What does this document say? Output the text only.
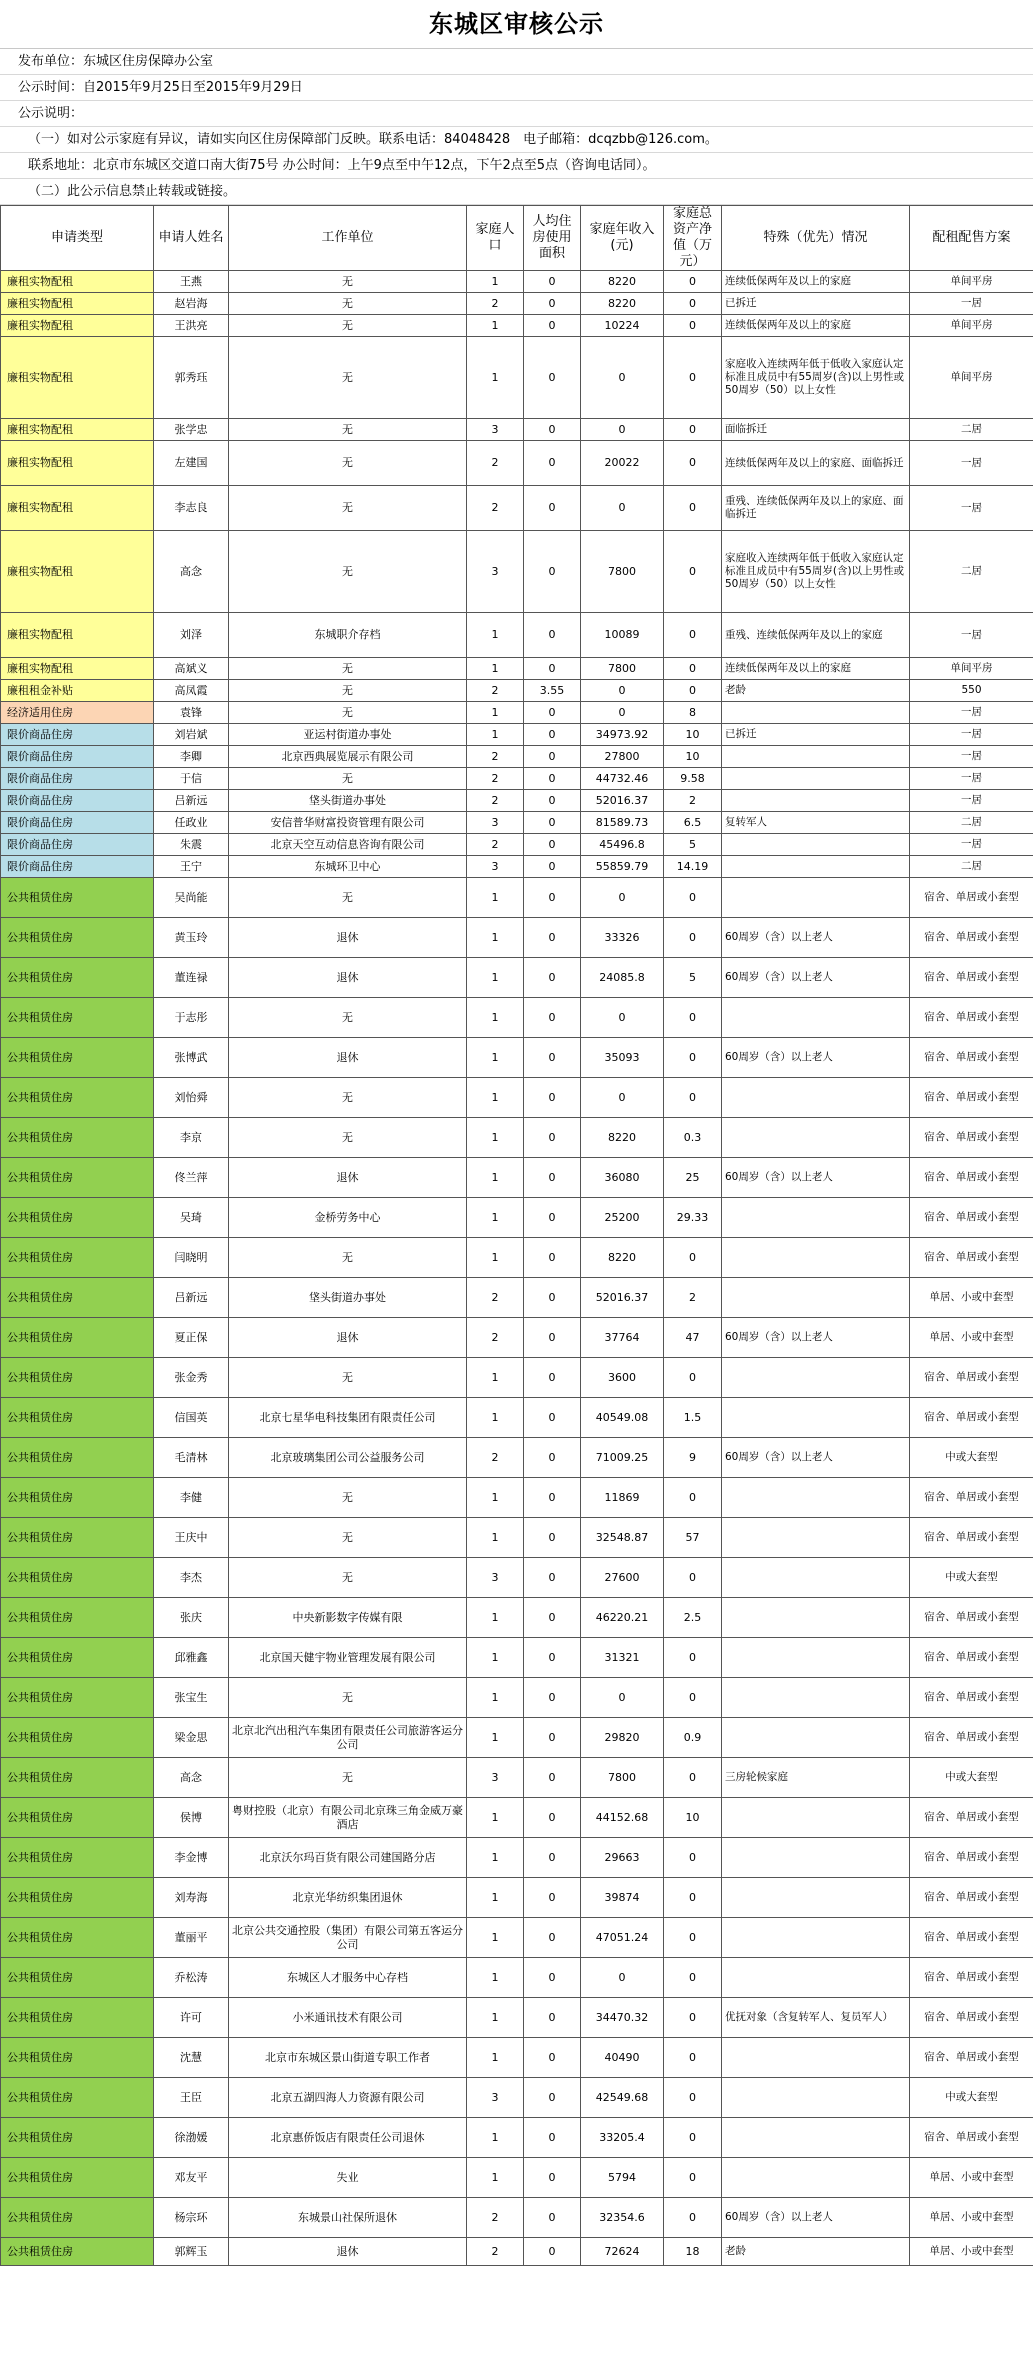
东城区审核公示
发布单位：东城区住房保障办公室
公示时间：自2015年9月25日至2015年9月29日
公示说明：
（一）如对公示家庭有异议，请如实向区住房保障部门反映。联系电话：84048428　电子邮箱：dcqzbb@126.com。
联系地址：北京市东城区交道口南大街75号 办公时间：上午9点至中午12点，下午2点至5点（咨询电话同）。
（二）此公示信息禁止转载或链接。
申请类型	申请人姓名	工作单位	家庭人口	人均住房使用面积	家庭年收入(元)	家庭总资产净值（万元）	特殊（优先）情况	配租配售方案
廉租实物配租	王燕	无	1	0	8220	0	连续低保两年及以上的家庭	单间平房
廉租实物配租	赵岩海	无	2	0	8220	0	已拆迁	一居
廉租实物配租	王洪亮	无	1	0	10224	0	连续低保两年及以上的家庭	单间平房
廉租实物配租	郭秀珏	无	1	0	0	0	家庭收入连续两年低于低收入家庭认定标准且成员中有55周岁(含)以上男性或50周岁（50）以上女性	单间平房
廉租实物配租	张学忠	无	3	0	0	0	面临拆迁	二居
廉租实物配租	左建国	无	2	0	20022	0	连续低保两年及以上的家庭、面临拆迁	一居
廉租实物配租	李志良	无	2	0	0	0	重残、连续低保两年及以上的家庭、面临拆迁	一居
廉租实物配租	高念	无	3	0	7800	0	家庭收入连续两年低于低收入家庭认定标准且成员中有55周岁(含)以上男性或50周岁（50）以上女性	二居
廉租实物配租	刘泽	东城职介存档	1	0	10089	0	重残、连续低保两年及以上的家庭	一居
廉租实物配租	高斌义	无	1	0	7800	0	连续低保两年及以上的家庭	单间平房
廉租租金补贴	高凤霞	无	2	3.55	0	0	老龄	550
经济适用住房	袁锋	无	1	0	0	8		一居
限价商品住房	刘岩斌	亚运村街道办事处	1	0	34973.92	10	已拆迁	一居
限价商品住房	李卿	北京西典展览展示有限公司	2	0	27800	10		一居
限价商品住房	于信	无	2	0	44732.46	9.58		一居
限价商品住房	吕新远	垡头街道办事处	2	0	52016.37	2		一居
限价商品住房	任政业	安信普华财富投资管理有限公司	3	0	81589.73	6.5	复转军人	二居
限价商品住房	朱震	北京天空互动信息咨询有限公司	2	0	45496.8	5		一居
限价商品住房	王宁	东城环卫中心	3	0	55859.79	14.19		二居
公共租赁住房	吴尚能	无	1	0	0	0		宿舍、单居或小套型
公共租赁住房	黄玉玲	退休	1	0	33326	0	60周岁（含）以上老人	宿舍、单居或小套型
公共租赁住房	董连禄	退休	1	0	24085.8	5	60周岁（含）以上老人	宿舍、单居或小套型
公共租赁住房	于志彤	无	1	0	0	0		宿舍、单居或小套型
公共租赁住房	张博武	退休	1	0	35093	0	60周岁（含）以上老人	宿舍、单居或小套型
公共租赁住房	刘怡舜	无	1	0	0	0		宿舍、单居或小套型
公共租赁住房	李京	无	1	0	8220	0.3		宿舍、单居或小套型
公共租赁住房	佟兰萍	退休	1	0	36080	25	60周岁（含）以上老人	宿舍、单居或小套型
公共租赁住房	吴琦	金桥劳务中心	1	0	25200	29.33		宿舍、单居或小套型
公共租赁住房	闫晓明	无	1	0	8220	0		宿舍、单居或小套型
公共租赁住房	吕新远	垡头街道办事处	2	0	52016.37	2		单居、小或中套型
公共租赁住房	夏正保	退休	2	0	37764	47	60周岁（含）以上老人	单居、小或中套型
公共租赁住房	张金秀	无	1	0	3600	0		宿舍、单居或小套型
公共租赁住房	信国英	北京七星华电科技集团有限责任公司	1	0	40549.08	1.5		宿舍、单居或小套型
公共租赁住房	毛清林	北京玻璃集团公司公益服务公司	2	0	71009.25	9	60周岁（含）以上老人	中或大套型
公共租赁住房	李健	无	1	0	11869	0		宿舍、单居或小套型
公共租赁住房	王庆中	无	1	0	32548.87	57		宿舍、单居或小套型
公共租赁住房	李杰	无	3	0	27600	0		中或大套型
公共租赁住房	张庆	中央新影数字传媒有限	1	0	46220.21	2.5		宿舍、单居或小套型
公共租赁住房	邱雅鑫	北京国天健宇物业管理发展有限公司	1	0	31321	0		宿舍、单居或小套型
公共租赁住房	张宝生	无	1	0	0	0		宿舍、单居或小套型
公共租赁住房	梁金思	北京北汽出租汽车集团有限责任公司旅游客运分公司	1	0	29820	0.9		宿舍、单居或小套型
公共租赁住房	高念	无	3	0	7800	0	三房轮候家庭	中或大套型
公共租赁住房	侯博	粤财控股（北京）有限公司北京珠三角金威万豪酒店	1	0	44152.68	10		宿舍、单居或小套型
公共租赁住房	李金博	北京沃尔玛百货有限公司建国路分店	1	0	29663	0		宿舍、单居或小套型
公共租赁住房	刘寿海	北京光华纺织集团退休	1	0	39874	0		宿舍、单居或小套型
公共租赁住房	董丽平	北京公共交通控股（集团）有限公司第五客运分公司	1	0	47051.24	0		宿舍、单居或小套型
公共租赁住房	乔松涛	东城区人才服务中心存档	1	0	0	0		宿舍、单居或小套型
公共租赁住房	许可	小米通讯技术有限公司	1	0	34470.32	0	优抚对象（含复转军人、复员军人）	宿舍、单居或小套型
公共租赁住房	沈慧	北京市东城区景山街道专职工作者	1	0	40490	0		宿舍、单居或小套型
公共租赁住房	王臣	北京五湖四海人力资源有限公司	3	0	42549.68	0		中或大套型
公共租赁住房	徐渤媛	北京惠侨饭店有限责任公司退休	1	0	33205.4	0		宿舍、单居或小套型
公共租赁住房	邓友平	失业	1	0	5794	0		单居、小或中套型
公共租赁住房	杨宗环	东城景山社保所退休	2	0	32354.6	0	60周岁（含）以上老人	单居、小或中套型
公共租赁住房	郭辉玉	退休	2	0	72624	18	老龄	单居、小或中套型
